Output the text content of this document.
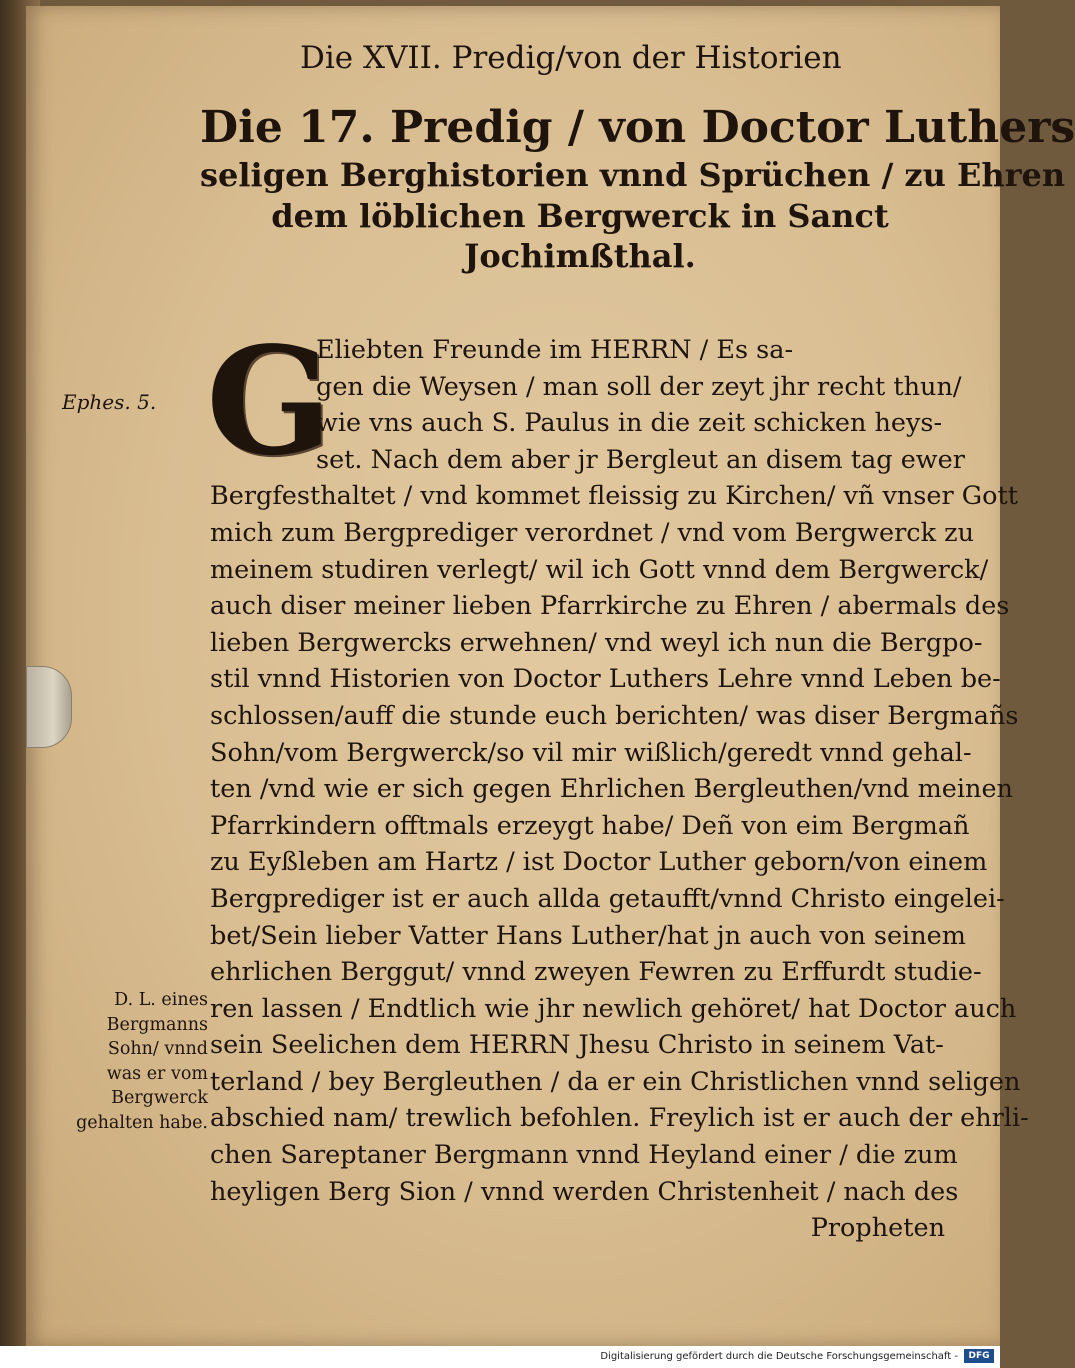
Die XVII. Predig/von der Historien
Die 17. Predig / von Doctor Luthers
seligen Berghistorien vnnd Sprüchen / zu Ehren
dem löblichen Bergwerck in Sanct
Jochimßthal.
G
Ephes. 5.
D. L. eines
Bergmanns
Sohn/ vnnd
was er vom
Bergwerck
gehalten habe.
Eliebten Freunde im HERRN / Es sa-
gen die Weysen / man soll der zeyt jhr recht thun/
wie vns auch S. Paulus in die zeit schicken heys-
set. Nach dem aber jr Bergleut an disem tag ewer
Bergfesthaltet / vnd kommet fleissig zu Kirchen/ vñ vnser Gott
mich zum Bergprediger verordnet / vnd vom Bergwerck zu
meinem studiren verlegt/ wil ich Gott vnnd dem Bergwerck/
auch diser meiner lieben Pfarrkirche zu Ehren / abermals des
lieben Bergwercks erwehnen/ vnd weyl ich nun die Bergpo-
stil vnnd Historien von Doctor Luthers Lehre vnnd Leben be-
schlossen/auff die stunde euch berichten/ was diser Bergmañs
Sohn/vom Bergwerck/so vil mir wißlich/geredt vnnd gehal-
ten /vnd wie er sich gegen Ehrlichen Bergleuthen/vnd meinen
Pfarrkindern offtmals erzeygt habe/ Deñ von eim Bergmañ
zu Eyßleben am Hartz / ist Doctor Luther geborn/von einem
Bergprediger ist er auch allda getaufft/vnnd Christo eingelei-
bet/Sein lieber Vatter Hans Luther/hat jn auch von seinem
ehrlichen Berggut/ vnnd zweyen Fewren zu Erffurdt studie-
ren lassen / Endtlich wie jhr newlich gehöret/ hat Doctor auch
sein Seelichen dem HERRN Jhesu Christo in seinem Vat-
terland / bey Bergleuthen / da er ein Christlichen vnnd seligen
abschied nam/ trewlich befohlen. Freylich ist er auch der ehrli-
chen Sareptaner Bergmann vnnd Heyland einer / die zum
heyligen Berg Sion / vnnd werden Christenheit / nach des
Propheten
Digitalisierung gefördert durch die Deutsche Forschungsgemeinschaft -	DFG
